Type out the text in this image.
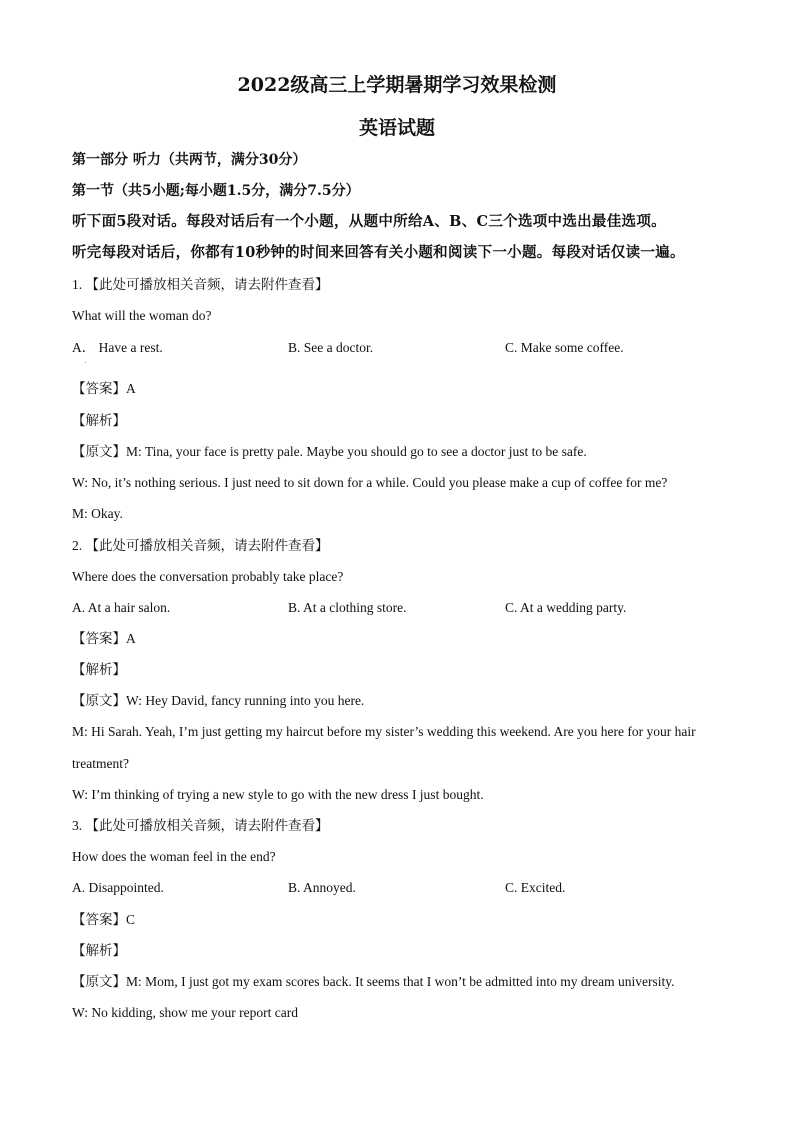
2022级高三上学期暑期学习效果检测
英语试题
第一部分 听力（共两节，满分30分）
第一节（共5小题;每小题1.5分，满分7.5分）
听下面5段对话。每段对话后有一个小题，从题中所给A、B、C三个选项中选出最佳选项。
听完每段对话后，你都有10秒钟的时间来回答有关小题和阅读下一小题。每段对话仅读一遍。
1. 【此处可播放相关音频，请去附件查看】
What will the woman do?
A． Have a rest.	B. See a doctor.	C. Make some coffee.
【答案】A
【解析】
【原文】M: Tina, your face is pretty pale. Maybe you should go to see a doctor just to be safe.
W: No, it’s nothing serious. I just need to sit down for a while. Could you please make a cup of coffee for me?
M: Okay.
2. 【此处可播放相关音频，请去附件查看】
Where does the conversation probably take place?
A. At a hair salon.	B. At a clothing store.	C. At a wedding party.
【答案】A
【解析】
【原文】W: Hey David, fancy running into you here.
M: Hi Sarah. Yeah, I’m just getting my haircut before my sister’s wedding this weekend. Are you here for your hair
treatment?
W: I’m thinking of trying a new style to go with the new dress I just bought.
3. 【此处可播放相关音频，请去附件查看】
How does the woman feel in the end?
A. Disappointed.	B. Annoyed.	C. Excited.
【答案】C
【解析】
【原文】M: Mom, I just got my exam scores back. It seems that I won’t be admitted into my dream university.
W: No kidding, show me your report card
